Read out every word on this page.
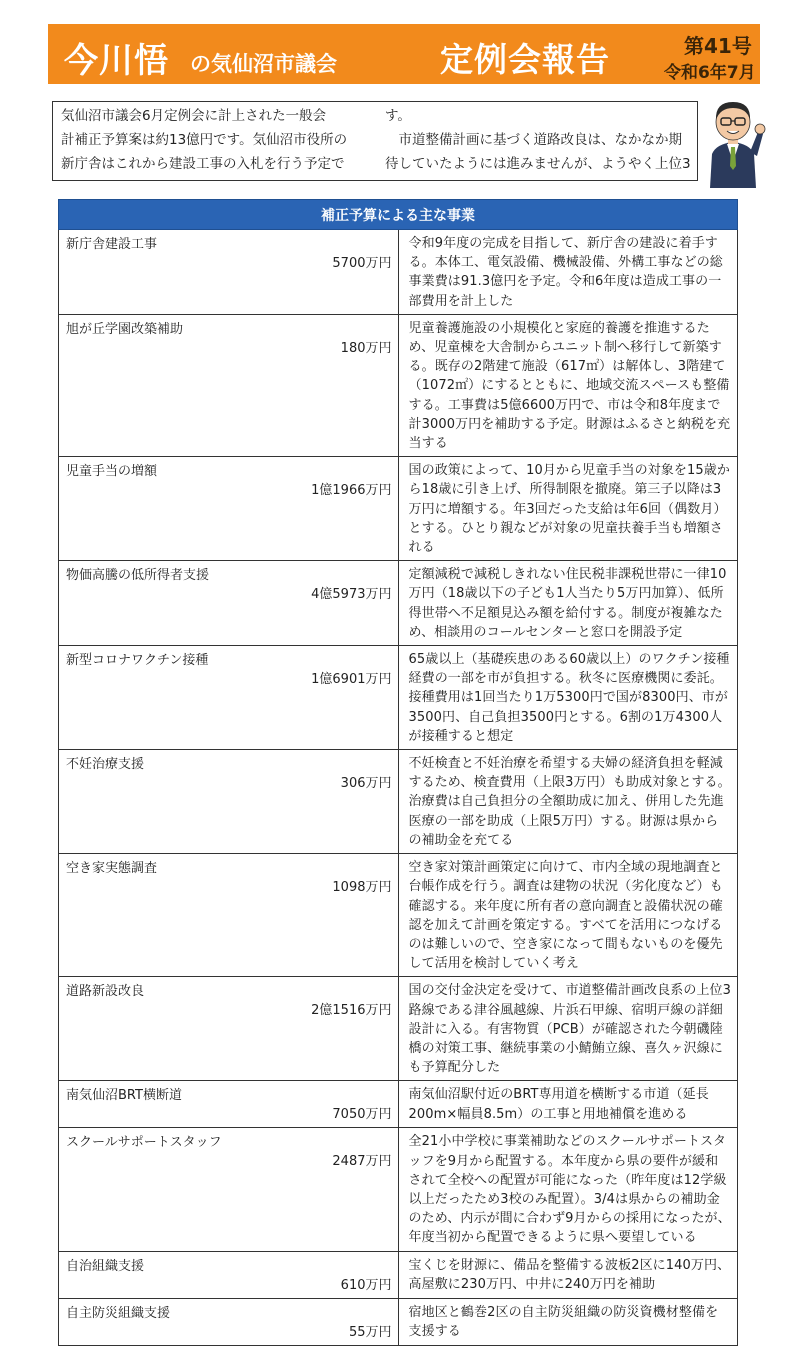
今川悟 の気仙沼市議会	定例会報告	第41号
令和6年7月
気仙沼市議会6月定例会に計上された一般会
計補正予算案は約13億円です。気仙沼市役所の
新庁舎はこれから建設工事の入札を行う予定で
す。
　市道整備計画に基づく道路改良は、なかなか期
待していたようには進みませんが、ようやく上位3
補正予算による主な事業	

新庁舎建設工事
5700万円	令和9年度の完成を目指して、新庁舎の建設に着手する。本体工、電気設備、機械設備、外構工事などの総事業費は91.3億円を予定。令和6年度は造成工事の一部費用を計上した

旭が丘学園改築補助
180万円	児童養護施設の小規模化と家庭的養護を推進するため、児童棟を大舎制からユニット制へ移行して新築する。既存の2階建て施設（617㎡）は解体し、3階建て（1072㎡）にするとともに、地域交流スペースも整備する。工事費は5億6600万円で、市は令和8年度まで計3000万円を補助する予定。財源はふるさと納税を充当する

児童手当の増額
1億1966万円	国の政策によって、10月から児童手当の対象を15歳から18歳に引き上げ、所得制限を撤廃。第三子以降は3万円に増額する。年3回だった支給は年6回（偶数月）とする。ひとり親などが対象の児童扶養手当も増額される

物価高騰の低所得者支援
4億5973万円	定額減税で減税しきれない住民税非課税世帯に一律10万円（18歳以下の子ども1人当たり5万円加算）、低所得世帯へ不足額見込み額を給付する。制度が複雑なため、相談用のコールセンターと窓口を開設予定

新型コロナワクチン接種
1億6901万円	65歳以上（基礎疾患のある60歳以上）のワクチン接種経費の一部を市が負担する。秋冬に医療機関に委託。接種費用は1回当たり1万5300円で国が8300円、市が3500円、自己負担3500円とする。6割の1万4300人が接種すると想定

不妊治療支援
306万円	不妊検査と不妊治療を希望する夫婦の経済負担を軽減するため、検査費用（上限3万円）も助成対象とする。治療費は自己負担分の全額助成に加え、併用した先進医療の一部を助成（上限5万円）する。財源は県からの補助金を充てる

空き家実態調査
1098万円	空き家対策計画策定に向けて、市内全域の現地調査と台帳作成を行う。調査は建物の状況（劣化度など）も確認する。来年度に所有者の意向調査と設備状況の確認を加えて計画を策定する。すべてを活用につなげるのは難しいので、空き家になって間もないものを優先して活用を検討していく考え

道路新設改良
2億1516万円	国の交付金決定を受けて、市道整備計画改良系の上位3路線である津谷風越線、片浜石甲線、宿明戸線の詳細設計に入る。有害物質（PCB）が確認された今朝磯陸橋の対策工事、継続事業の小鯖鮪立線、喜久ヶ沢線にも予算配分した

南気仙沼BRT横断道
7050万円	南気仙沼駅付近のBRT専用道を横断する市道（延長200m×幅員8.5m）の工事と用地補償を進める

スクールサポートスタッフ
2487万円	全21小中学校に事業補助などのスクールサポートスタッフを9月から配置する。本年度から県の要件が緩和されて全校への配置が可能になった（昨年度は12学級以上だったため3校のみ配置）。3/4は県からの補助金のため、内示が間に合わず9月からの採用になったが、年度当初から配置できるように県へ要望している

自治組織支援
610万円	宝くじを財源に、備品を整備する波板2区に140万円、高屋敷に230万円、中井に240万円を補助

自主防災組織支援
55万円	宿地区と鶴巻2区の自主防災組織の防災資機材整備を支援する
